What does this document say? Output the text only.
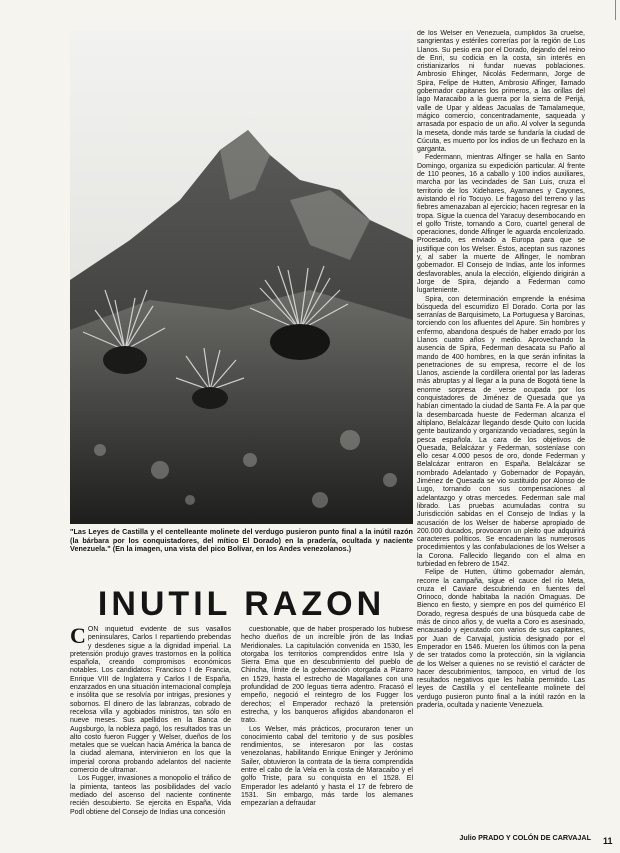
"Las Leyes de Castilla y el centelleante molinete del verdugo pusieron punto final a la inútil razón (la bárbara por los conquistadores, del mítico El Dorado) en la pradería, ocultada y naciente Venezuela." (En la imagen, una vista del pico Bolívar, en los Andes venezolanos.)
INUTIL RAZON

CON inquietud evidente de sus vasallos peninsulares, Carlos I repartiendo prebendas y desdenes sigue a la dignidad imperial. La pretensión produjo graves trastornos en la política española, creando compromisos económicos notables. Los candidatos: Francisco I de Francia, Enrique VIII de Inglaterra y Carlos I de España, enzarzados en una situación internacional compleja e insólita que se resolvía por intrigas, presiones y sobornos. El dinero de las labranzas, cobrado de recelosa villa y agobiados ministros, tan sólo en nueve meses. Sus apellidos en la Banca de Augsburgo, la nobleza pagó, los resultados tras un alto costo fueron Fugger y Welser, dueños de los metales que se vuelcan hacia América la banca de la ciudad alemana, intervinieron en los que la imperial corona probando adelantos del naciente comercio de ultramar.

Los Fugger, invasiones a monopolio el tráfico de la pimienta, tanteos las posibilidades del vacío mediado del ascenso del naciente continente recién descubierto. Se ejercita en España, Vida Podl obtiene del Consejo de Indias una concesión

cuestionable, que de haber prosperado los hubiese hecho dueños de un increíble jirón de las Indias Meridionales. La capitulación convenida en 1530, les otorgaba los territorios comprendidos entre Isla y Sierra Ema que en descubrimiento del pueblo de Chincha, límite de la gobernación otorgada a Pizarro en 1529, hasta el estrecho de Magallanes con una profundidad de 200 leguas tierra adentro. Fracasó el empeño, negoció el reintegro de los Fugger los derechos; el Emperador rechazó la pretensión estrecha, y los banqueros afligidos abandonaron el trato.

Los Welser, más prácticos, procuraron tener un conocimiento cabal del territorio y de sus posibles rendimientos, se interesaron por las costas venezolanas, habilitando Enrique Eninger y Jerónimo Sailer, obtuvieron la contrata de la tierra comprendida entre el cabo de la Vela en la costa de Maracaibo y el golfo Triste, para su conquista en el 1528. El Emperador les adelantó y hasta el 17 de febrero de 1531. Sin embargo, más tarde los alemanes empezarían a defraudar

de los Welser en Venezuela, cumplidos 3a cruelse, sangrientas y estériles correrías por la región de Los Llanos. Su pesio era por el Dorado, dejando del reino de Enri, su codicia en la costa, sin interés en cristianizarlos ni fundar nuevas poblaciones. Ambrosio Ehinger, Nicolás Federmann, Jorge de Spira, Felipe de Hutten, Ambrosio Alfinger, llamado gobernador capitanes los primeros, a las orillas del lago Maracaibo a la guerra por la sierra de Perijá, valle de Upar y aldeas Jacualas de Tamalameque, mágico comercio, concentradamente, saqueada y arrasada por espacio de un año. Al volver la segunda la meseta, donde más tarde se fundaría la ciudad de Cúcuta, es muerto por los indios de un flechazo en la garganta.

Federmann, mientras Alfinger se halla en Santo Domingo, organiza su expedición particular. Al frente de 110 peones, 16 a caballo y 100 indios auxiliares, marcha por las vecindades de San Luis, cruza el territorio de los Xidehares, Ayamanes y Cayones, avistando el río Tocuyo. Le fragoso del terreno y las fiebres amenazaban al ejercicio; hacen regresar en la tropa. Sigue la cuenca del Yaracuy desembocando en el golfo Triste, tornando a Coro, cuartel general de operaciones, donde Alfinger le aguarda encolerizado. Procesado, es enviado a Europa para que se justifique con los Welser. Éstos, aceptan sus razones y, al saber la muerte de Alfinger, le nombran gobernador. El Consejo de Indias, ante los informes desfavorables, anula la elección, eligiendo dirigirán a Jorge de Spira, dejando a Federman como lugarteniente.

Spira, con determinación emprende la enésima búsqueda del escurridizo El Dorado. Corta por las serranías de Barquisimeto, La Portuguesa y Barcinas, torciendo con los afluentes del Apure. Sin hombres y enfermo, abandona después de haber errado por los Llanos cuatro años y medio. Aprovechando la ausencia de Spira, Federman desacata su Paño al mando de 400 hombres, en la que serán infinitas la penetraciones de su empresa, recorre el de los Llanos, asciende la cordillera oriental por las laderas más abruptas y al llegar a la puna de Bogotá tiene la enorme sorpresa de verse ocupada por los conquistadores de Jiménez de Quesada que ya habían cimentado la ciudad de Santa Fe. A la par que la desembarcada hueste de Federman alcanza el altiplano, Belalcázar llegando desde Quito con lucida gente bautizando y organizando veciadares, según la pesca española. La cara de los objetivos de Quesada, Belalcázar y Federman, sosteníase con ello cesar 4.000 pesos de oro, donde Federman y Belalcázar entraron en España. Belalcázar se nombrado Adelantado y Gobernador de Popayán, Jiménez de Quesada se vio sustituido por Alonso de Lugo, tornando con sus compensaciones al adelantazgo y otras mercedes. Federman sale mal librado. Las pruebas acumuladas contra su Jurisdicción sabidas en el Consejo de Indias y la acusación de los Welser de haberse apropiado de 200.000 ducados, provocaron un pleito que adquirirá caracteres políticos. Se encadenan las numerosos procedimientos y las confabulaciones de los Welser a la Corona. Fallecido llegando con el alma en turbiedad en febrero de 1542.

Felipe de Hutten, último gobernador alemán, recorre la campaña, sigue el cauce del río Meta, cruza el Caviare descubriendo en fuentes del Orinoco, donde habitaba la nación Omaguas. De Bienco en fiesto, y siempre en pos del quimérico El Dorado, regresa después de una búsqueda cabe de más de cinco años y, de vuelta a Coro es asesinado, encausado y ejecutado con varios de sus capitanes, por Juan de Carvajal, justicia designado por el Emperador en 1546. Mueren los últimos con la pena de ser tratados como la protección, sin la vigilancia de los Welser a quienes no se revistió el carácter de hacer descubrimientos, tampoco, en virtud de los resultados negativos que les había permitido. Las leyes de Castilla y el centelleante molinete del verdugo pusieron punto final a la inútil razón en la pradería, ocultada y naciente Venezuela.

Julio PRADO Y COLÓN DE CARVAJAL 11
